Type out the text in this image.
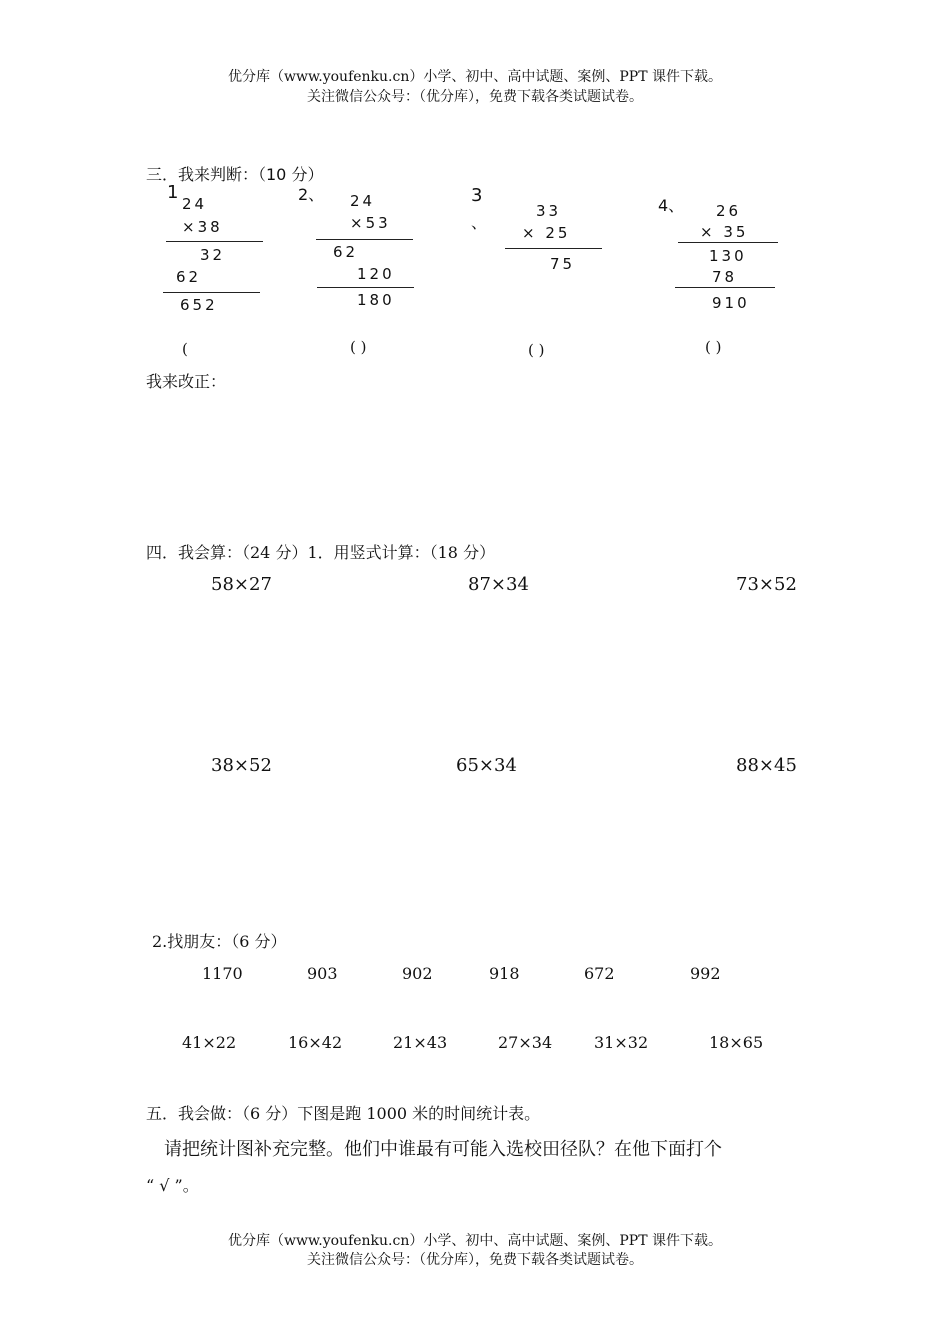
优分库（www.youfenku.cn）小学、初中、高中试题、案例、PPT 课件下载。
关注微信公众号：（优分库），免费下载各类试题试卷。
三．我来判断：（10 分）
1
24
×38
32
62
652
(
2、 24
×53
62
120
180
( )
3
、
33
× 25
75
( )
4、 26
× 35
130
78
910
( )
我来改正：
四．我会算：（24 分）1．用竖式计算：（18 分）
58×27	87×34	73×52
38×52	65×34	88×45
2.找朋友：（6 分）
1170	903	902	918	672	992
41×22	16×42	21×43	27×34	31×32	18×65
五．我会做：（6 分）下图是跑 1000 米的时间统计表。
请把统计图补充完整。他们中谁最有可能入选校田径队？在他下面打个
“ √ ”。
优分库（www.youfenku.cn）小学、初中、高中试题、案例、PPT 课件下载。
关注微信公众号：（优分库），免费下载各类试题试卷。
